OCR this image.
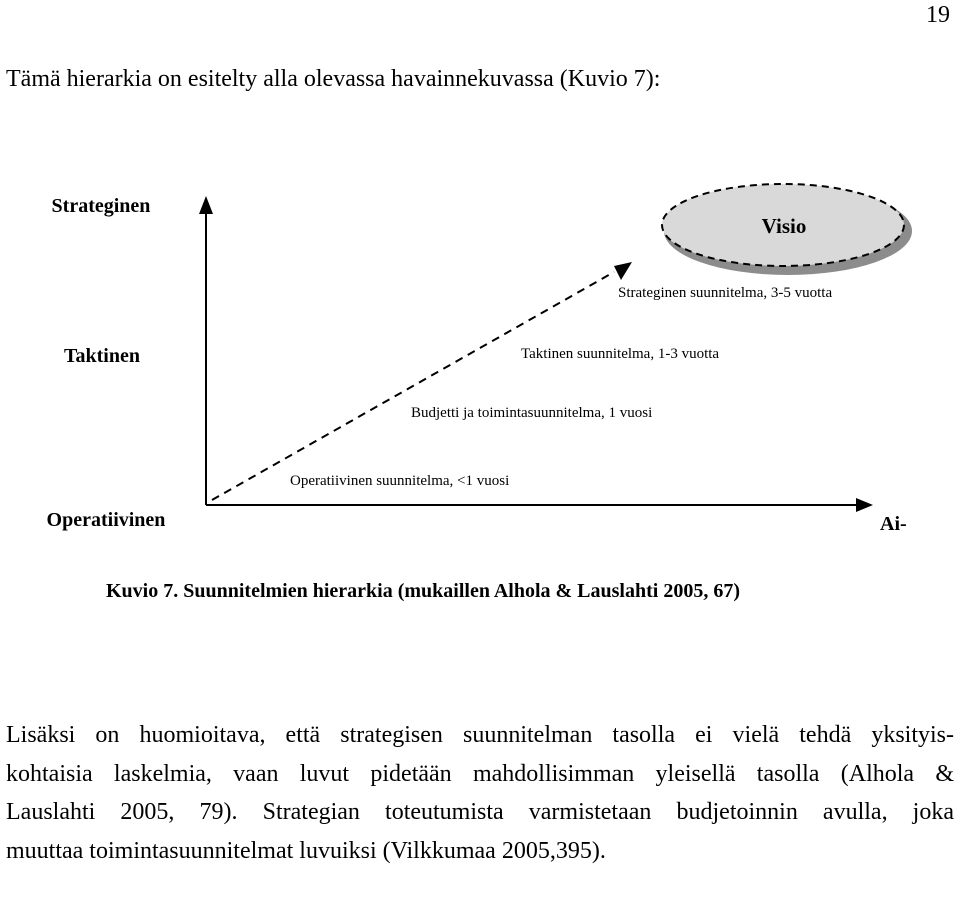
19
Tämä hierarkia on esitelty alla olevassa havainnekuvassa (Kuvio 7):
Visio
Strateginen
Taktinen
Operatiivinen	Ai-
Strateginen suunnitelma, 3-5 vuotta
Taktinen suunnitelma, 1-3 vuotta
Budjetti ja toimintasuunnitelma, 1 vuosi
Operatiivinen suunnitelma, <1 vuosi
Kuvio 7. Suunnitelmien hierarkia (mukaillen Alhola & Lauslahti 2005, 67)
Lisäksi on huomioitava, että strategisen suunnitelman tasolla ei vielä tehdä yksityis-
kohtaisia laskelmia, vaan luvut pidetään mahdollisimman yleisellä tasolla (Alhola &
Lauslahti 2005, 79). Strategian toteutumista varmistetaan budjetoinnin avulla, joka
muuttaa toimintasuunnitelmat luvuiksi (Vilkkumaa 2005,395).
